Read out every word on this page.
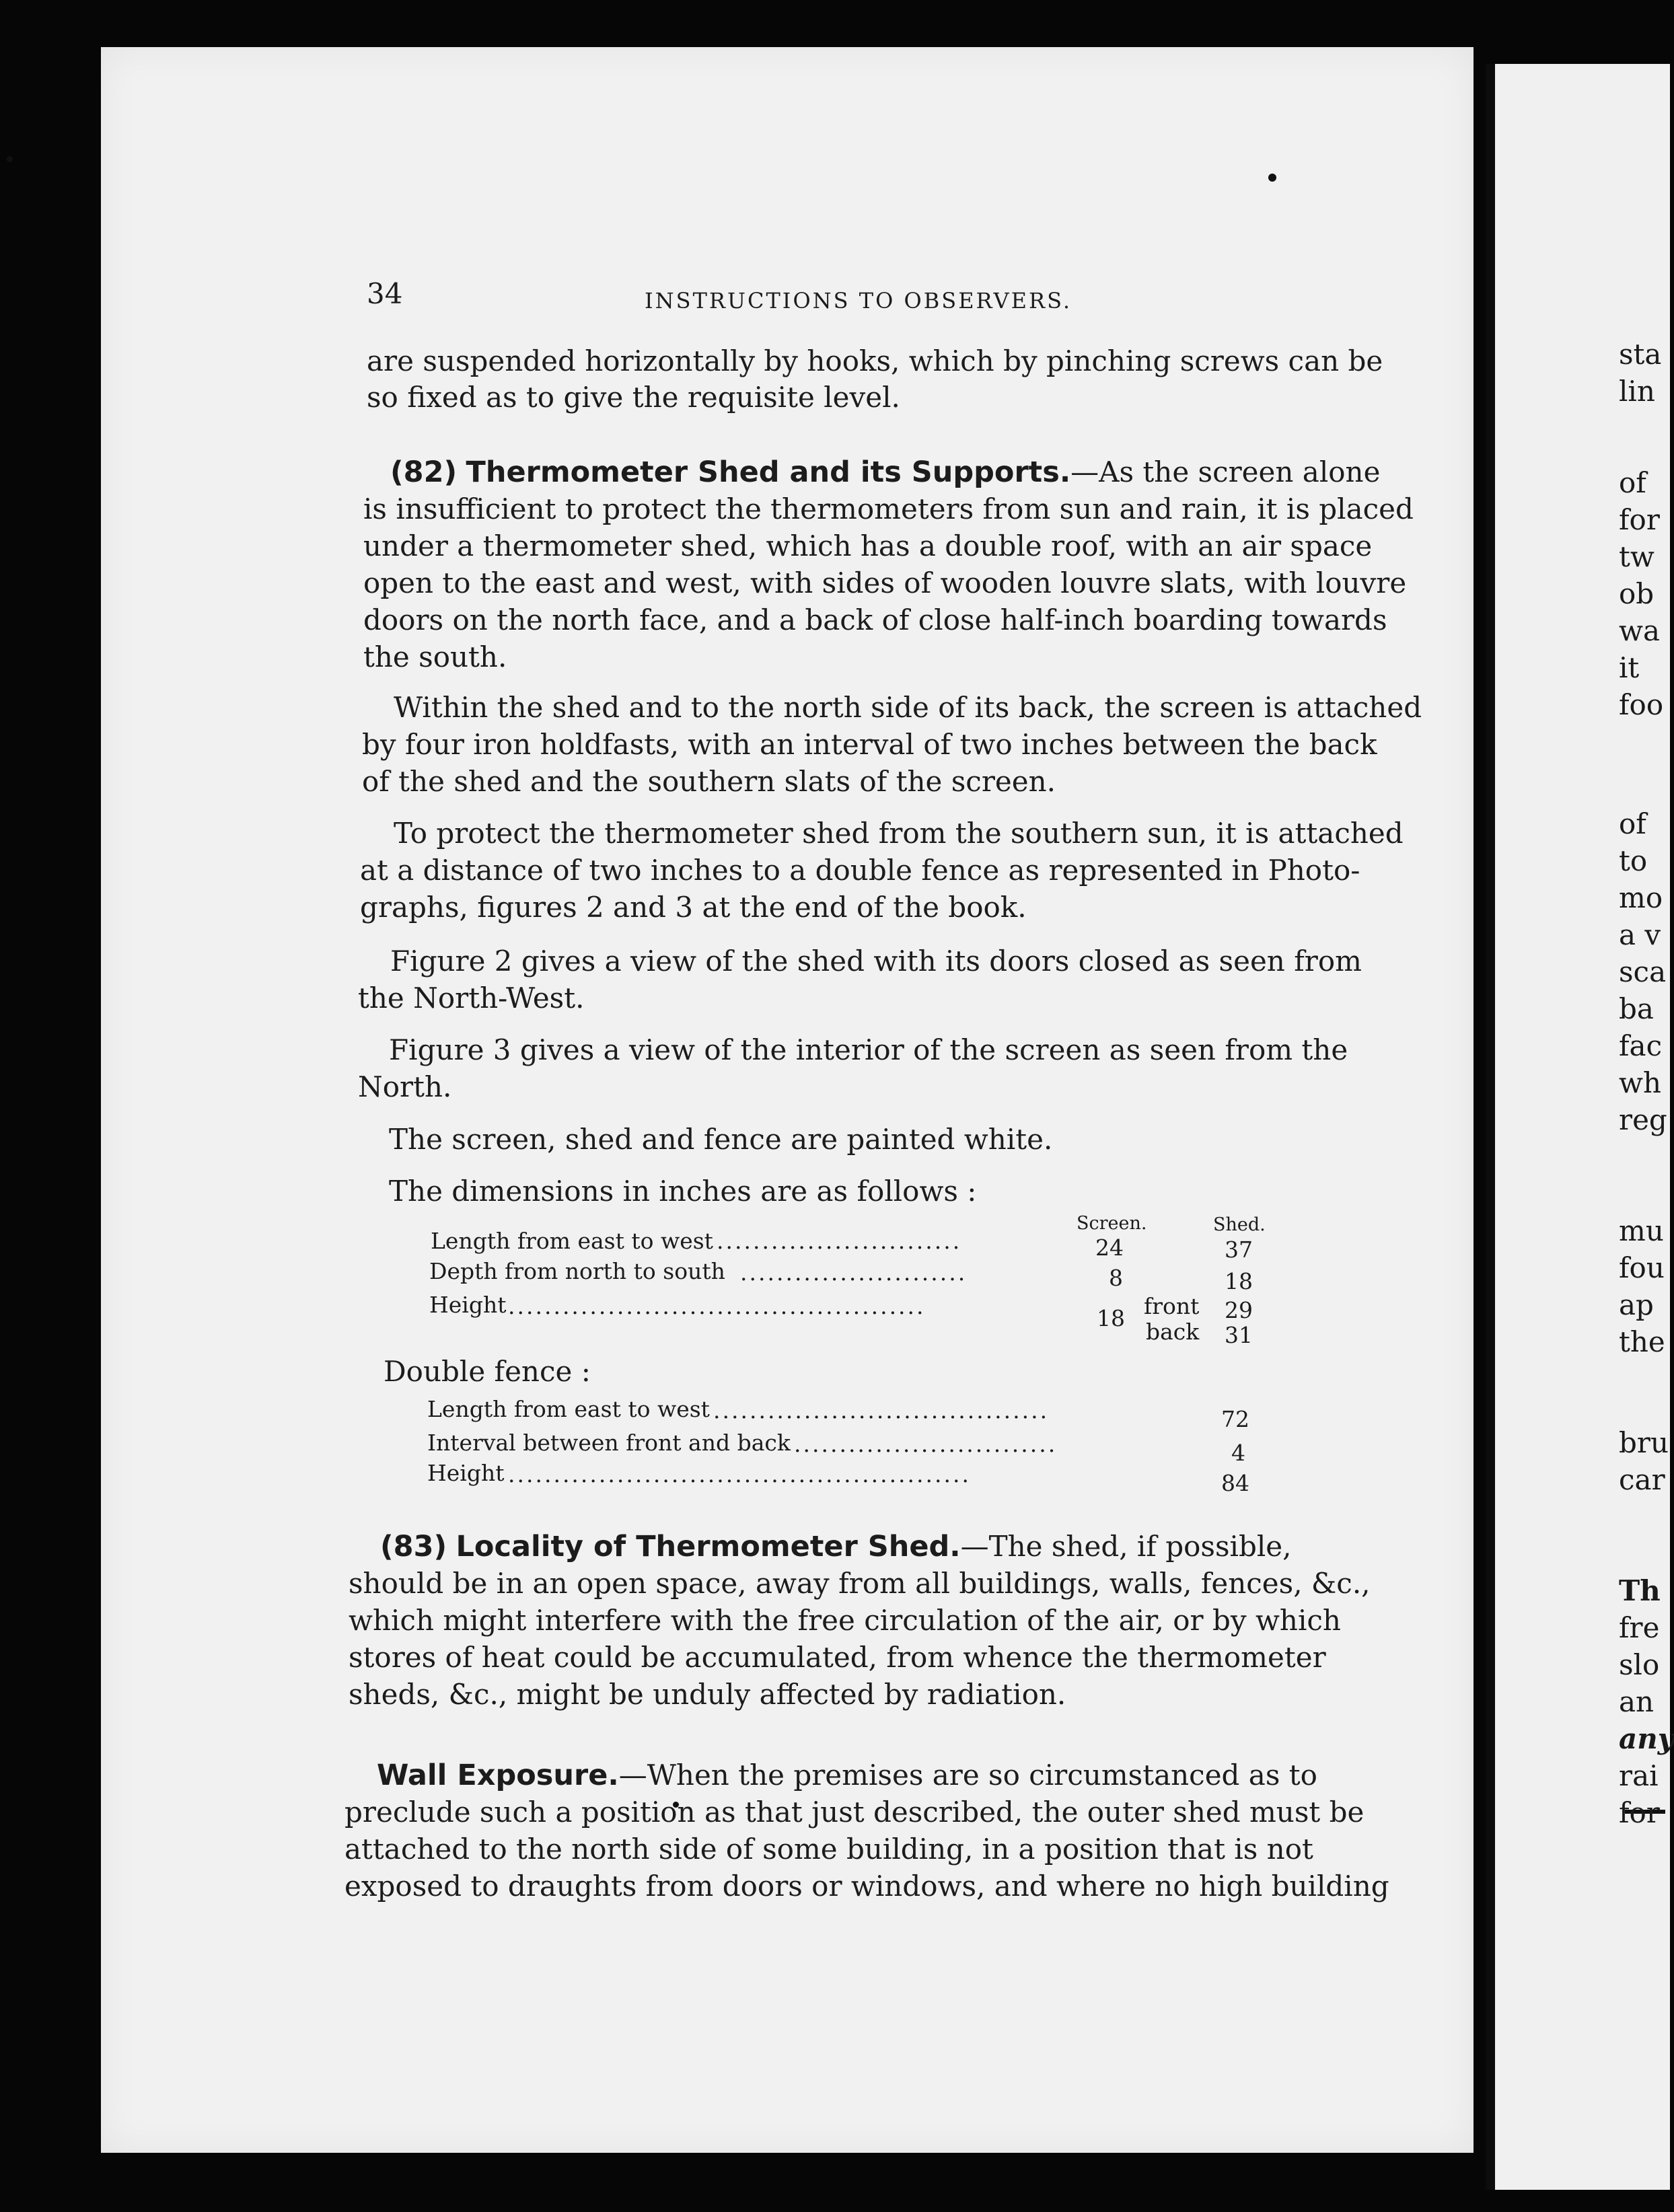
34	INSTRUCTIONS TO OBSERVERS.
are suspended horizontally by hooks, which by pinching screws can be
so fixed as to give the requisite level.
(82) Thermometer Shed and its Supports.—As the screen alone
is insufficient to protect the thermometers from sun and rain, it is placed
under a thermometer shed, which has a double roof, with an air space
open to the east and west, with sides of wooden louvre slats, with louvre
doors on the north face, and a back of close half-inch boarding towards
the south.
Within the shed and to the north side of its back, the screen is attached
by four iron holdfasts, with an interval of two inches between the back
of the shed and the southern slats of the screen.
To protect the thermometer shed from the southern sun, it is attached
at a distance of two inches to a double fence as represented in Photo-
graphs, figures 2 and 3 at the end of the book.
Figure 2 gives a view of the shed with its doors closed as seen from
the North-West.
Figure 3 gives a view of the interior of the screen as seen from the
North.
The screen, shed and fence are painted white.
The dimensions in inches are as follows :
Screen.	Shed.
Length from east to west ...........................	24	37
Depth from north to south .........................	8	18
Height ..............................................	18 front 29
back 31
Double fence :
Length from east to west .....................................	72
Interval between front and back .............................	4
Height ...................................................	84
(83) Locality of Thermometer Shed.—The shed, if possible,
should be in an open space, away from all buildings, walls, fences, &c.,
which might interfere with the free circulation of the air, or by which
stores of heat could be accumulated, from whence the thermometer
sheds, &c., might be unduly affected by radiation.
Wall Exposure.—When the premises are so circumstanced as to
preclude such a position as that just described, the outer shed must be
attached to the north side of some building, in a position that is not
exposed to draughts from doors or windows, and where no high building
sta
lin
of
for
tw
ob
wa
it
foo
of
to
mo
a v
sca
ba
fac
wh
reg
mu
fou
ap
the
bru
car
Th
fre
slo
an
any
rai
for
